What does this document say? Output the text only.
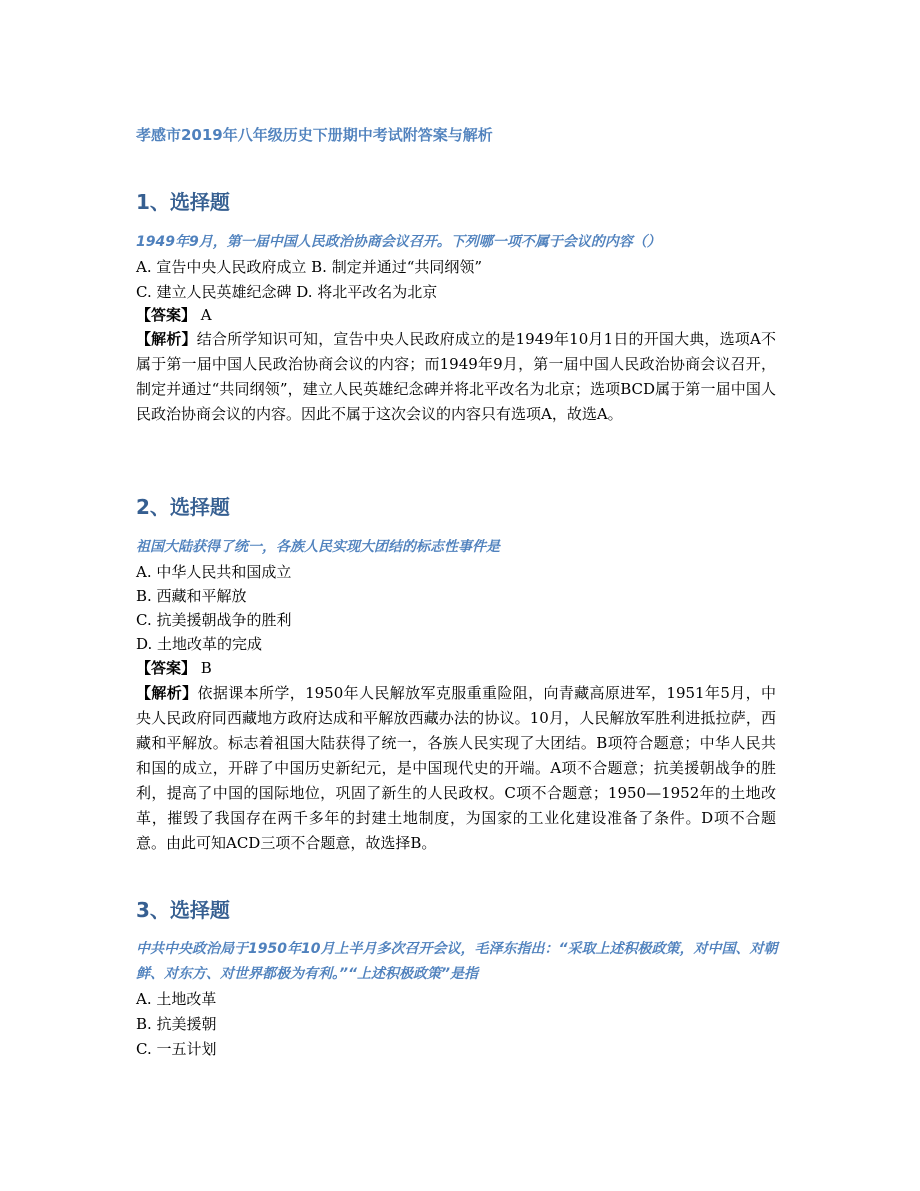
孝感市2019年八年级历史下册期中考试附答案与解析
1、选择题
1949年9月，第一届中国人民政治协商会议召开。下列哪一项不属于会议的内容（）
A. 宣告中央人民政府成立 B. 制定并通过“共同纲领”
C. 建立人民英雄纪念碑 D. 将北平改名为北京
【答案】 A
【解析】结合所学知识可知，宣告中央人民政府成立的是1949年10月1日的开国大典，选项A不属于第一届中国人民政治协商会议的内容；而1949年9月，第一届中国人民政治协商会议召开，制定并通过“共同纲领”，建立人民英雄纪念碑并将北平改名为北京；选项BCD属于第一届中国人民政治协商会议的内容。因此不属于这次会议的内容只有选项A，故选A。
2、选择题
祖国大陆获得了统一，各族人民实现大团结的标志性事件是
A. 中华人民共和国成立
B. 西藏和平解放
C. 抗美援朝战争的胜利
D. 土地改革的完成
【答案】 B
【解析】依据课本所学，1950年人民解放军克服重重险阻，向青藏高原进军，1951年5月，中央人民政府同西藏地方政府达成和平解放西藏办法的协议。10月，人民解放军胜利进抵拉萨，西藏和平解放。标志着祖国大陆获得了统一，各族人民实现了大团结。B项符合题意；中华人民共和国的成立，开辟了中国历史新纪元，是中国现代史的开端。A项不合题意；抗美援朝战争的胜利，提高了中国的国际地位，巩固了新生的人民政权。C项不合题意；1950—1952年的土地改革，摧毁了我国存在两千多年的封建土地制度，为国家的工业化建设准备了条件。D项不合题意。由此可知ACD三项不合题意，故选择B。
3、选择题
中共中央政治局于1950年10月上半月多次召开会议，毛泽东指出：“采取上述积极政策，对中国、对朝鲜、对东方、对世界都极为有利。”“上述积极政策”是指
A. 土地改革
B. 抗美援朝
C. 一五计划
